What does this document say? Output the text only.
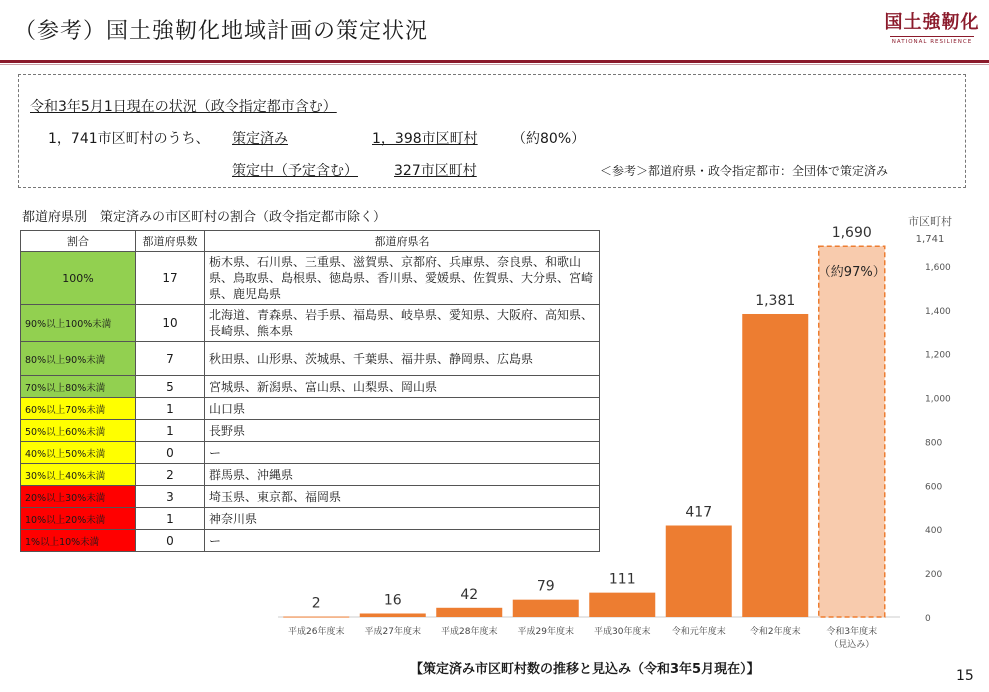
（参考）国土強靭化地域計画の策定状況	国土強靭化
NATIONAL RESILIENCE
令和3年5月1日現在の状況（政令指定都市含む）
1，741市区町村のうち、 策定済み	1，398市区町村 （約80%）
策定中（予定含む）	327市区町村	＜参考＞都道府県・政令指定都市：全団体で策定済み
都道府県別　策定済みの市区町村の割合（政令指定都市除く）
割合	都道府県数	都道府県名
100%	17	栃木県、石川県、三重県、滋賀県、京都府、兵庫県、奈良県、和歌山県、鳥取県、島根県、徳島県、香川県、愛媛県、佐賀県、大分県、宮崎県、鹿児島県
90%以上100%未満	10	北海道、青森県、岩手県、福島県、岐阜県、愛知県、大阪府、高知県、長崎県、熊本県
80%以上90%未満	7	秋田県、山形県、茨城県、千葉県、福井県、静岡県、広島県
70%以上80%未満	5	宮城県、新潟県、富山県、山梨県、岡山県
60%以上70%未満	1	山口県
50%以上60%未満	1	長野県
40%以上50%未満	0	ー
30%以上40%未満	2	群馬県、沖縄県
20%以上30%未満	3	埼玉県、東京都、福岡県
10%以上20%未満	1	神奈川県
1%以上10%未満	0	ー
0
200
400
600
800
1,000
1,200
1,400
1,600
市区町村
1,741
2
平成26年度末
16
平成27年度末
42
平成28年度末
79
平成29年度末
111
平成30年度末
417
令和元年度末
1,381
令和2年度末
1,690
令和3年度末
（見込み）
（約97%）
【策定済み市区町村数の推移と見込み（令和3年5月現在）】	15
